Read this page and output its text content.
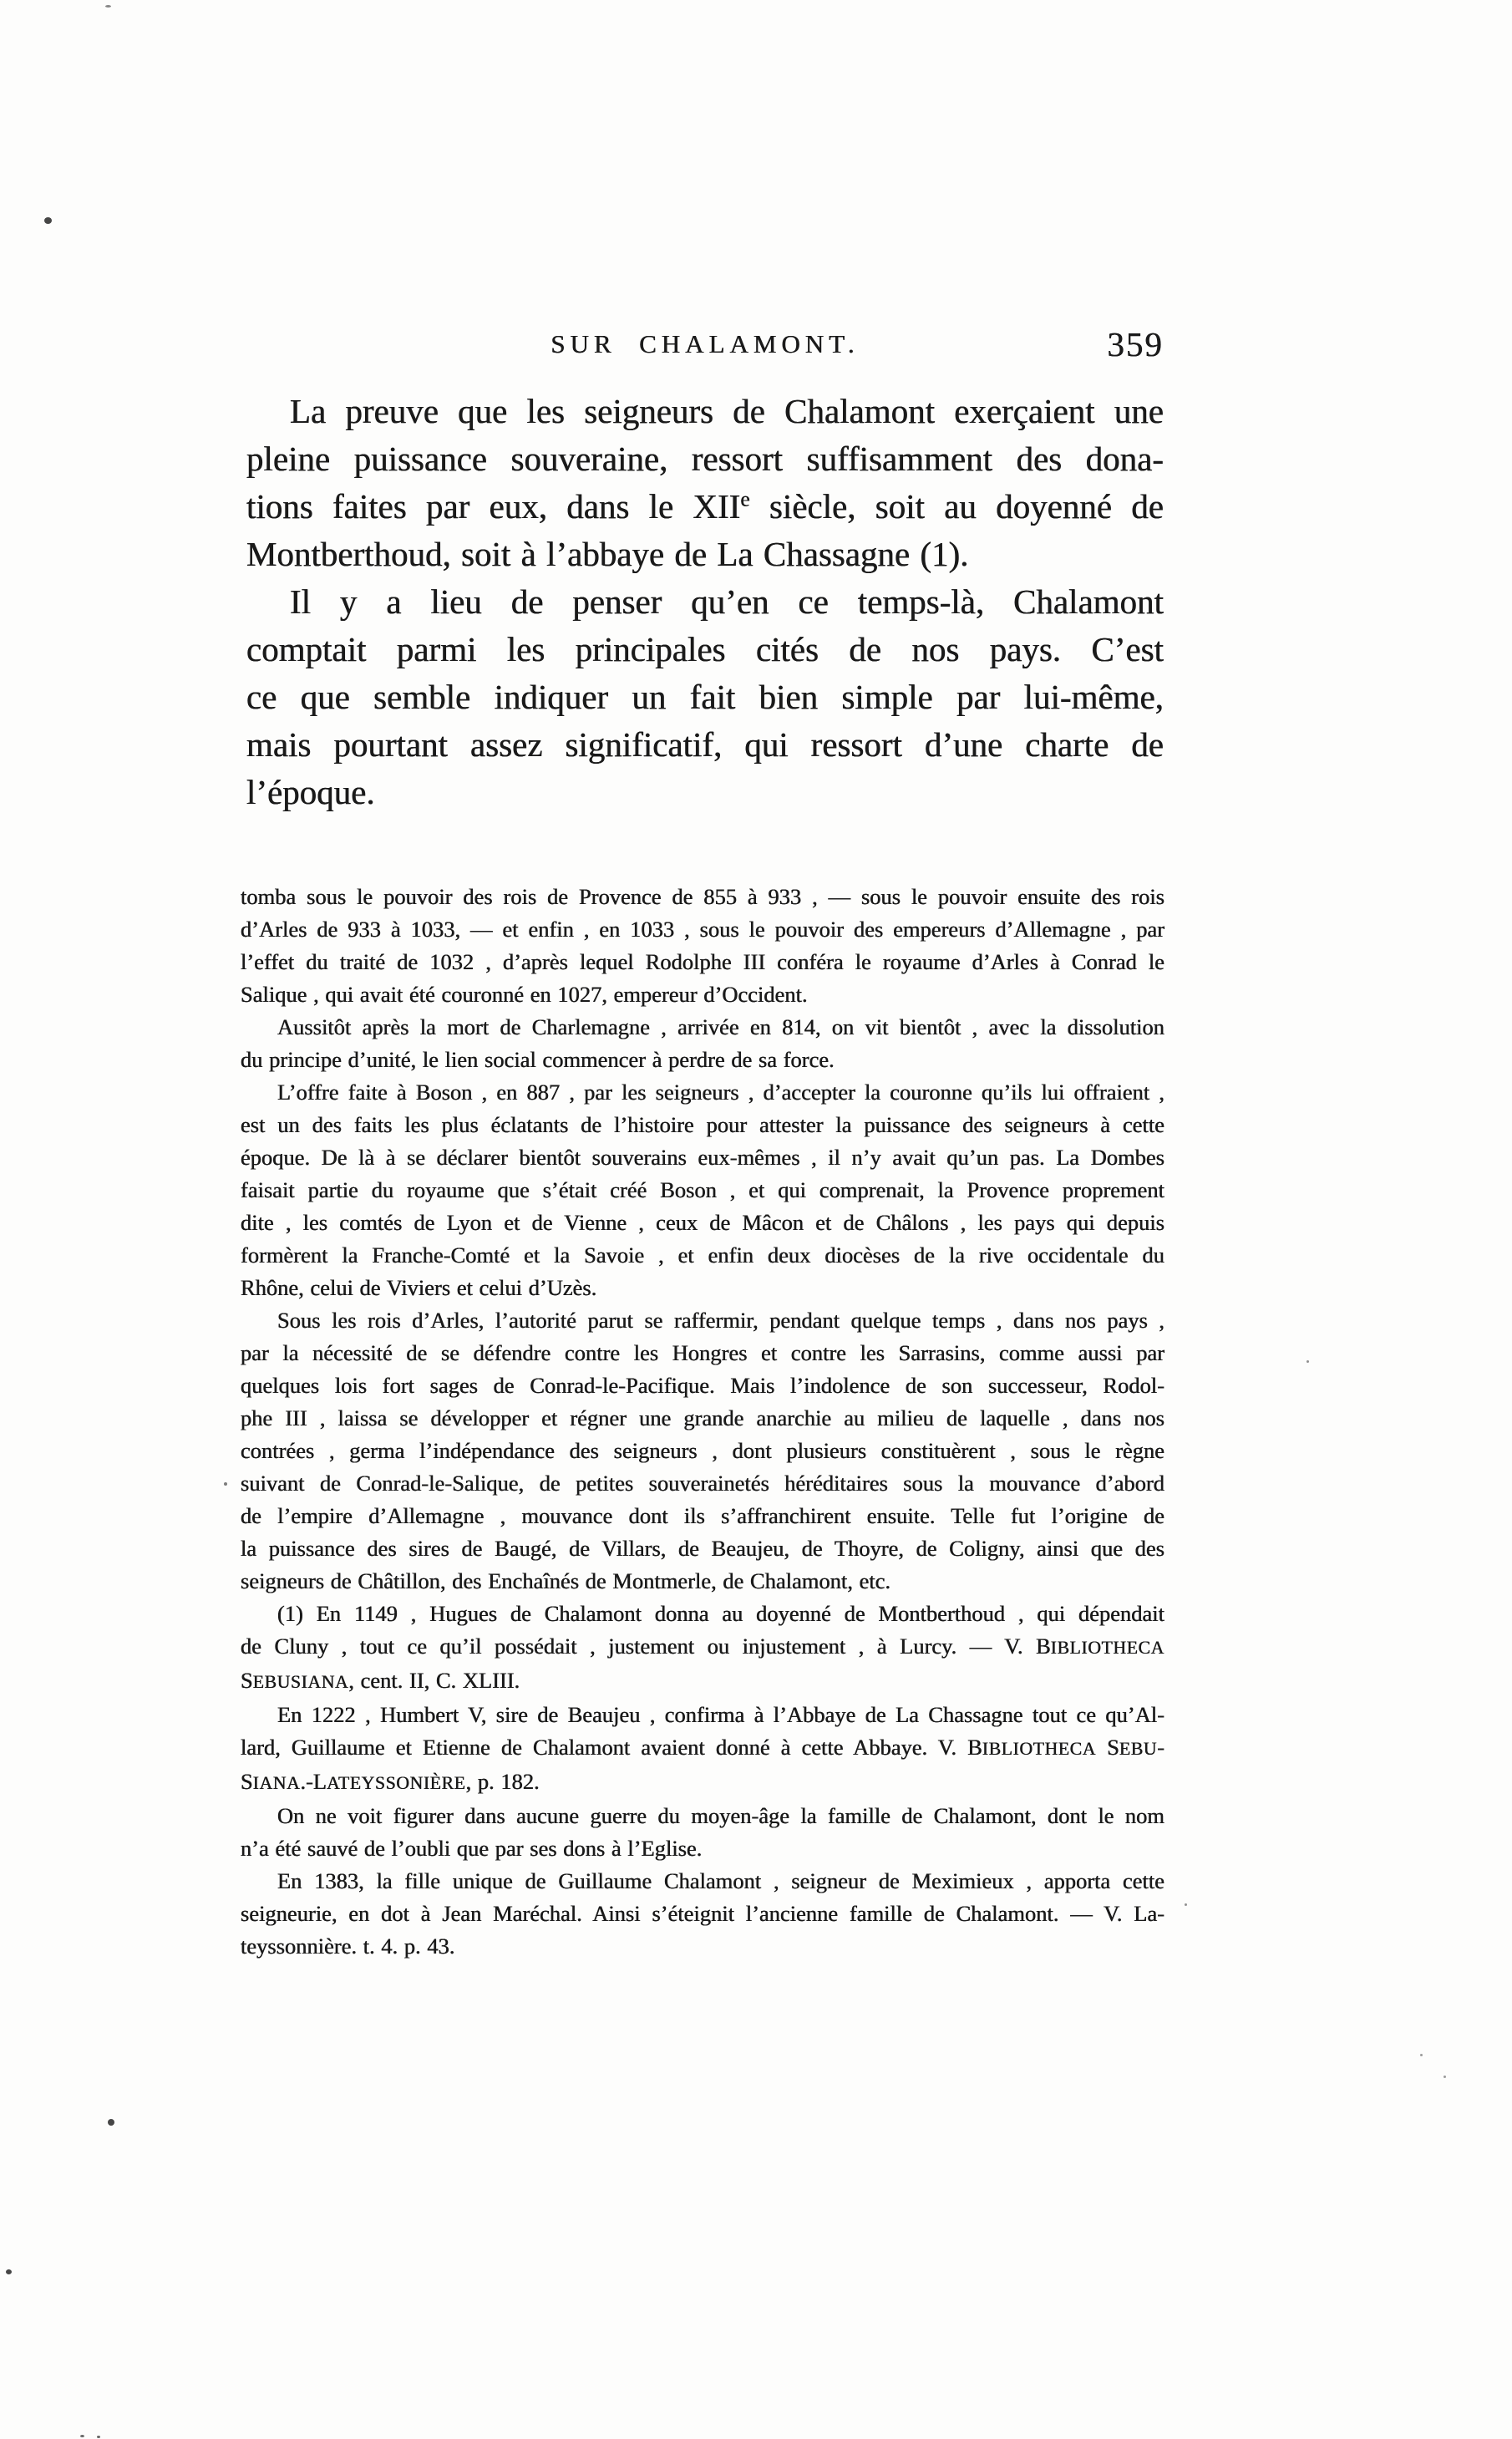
SUR  CHALAMONT.	359
La preuve que les seigneurs de Chalamont exerçaient une
pleine puissance souveraine, ressort suffisamment des dona-
tions faites par eux, dans le XIIe siècle, soit au doyenné de
Montberthoud, soit à l’abbaye de La Chassagne (1).
Il y a lieu de penser qu’en ce temps-là, Chalamont
comptait parmi les principales cités de nos pays. C’est
ce que semble indiquer un fait bien simple par lui-même,
mais pourtant assez significatif, qui ressort d’une charte de
l’époque.
tomba sous le pouvoir des rois de Provence de 855 à 933 , — sous le pouvoir ensuite des rois
d’Arles de 933 à 1033, — et enfin , en 1033 , sous le pouvoir des empereurs d’Allemagne , par
l’effet du traité de 1032 , d’après lequel Rodolphe III conféra le royaume d’Arles à Conrad le
Salique , qui avait été couronné en 1027, empereur d’Occident.
Aussitôt après la mort de Charlemagne , arrivée en 814, on vit bientôt , avec la dissolution
du principe d’unité, le lien social commencer à perdre de sa force.
L’offre faite à Boson , en 887 , par les seigneurs , d’accepter la couronne qu’ils lui offraient ,
est un des faits les plus éclatants de l’histoire pour attester la puissance des seigneurs à cette
époque. De là à se déclarer bientôt souverains eux-mêmes , il n’y avait qu’un pas. La Dombes
faisait partie du royaume que s’était créé Boson , et qui comprenait, la Provence proprement
dite , les comtés de Lyon et de Vienne , ceux de Mâcon et de Châlons , les pays qui depuis
formèrent la Franche-Comté et la Savoie , et enfin deux diocèses de la rive occidentale du
Rhône, celui de Viviers et celui d’Uzès.
Sous les rois d’Arles, l’autorité parut se raffermir, pendant quelque temps , dans nos pays ,
par la nécessité de se défendre contre les Hongres et contre les Sarrasins, comme aussi par
quelques lois fort sages de Conrad-le-Pacifique. Mais l’indolence de son successeur, Rodol-
phe III , laissa se développer et régner une grande anarchie au milieu de laquelle , dans nos
contrées , germa l’indépendance des seigneurs , dont plusieurs constituèrent , sous le règne
suivant de Conrad-le-Salique, de petites souverainetés héréditaires sous la mouvance d’abord
de l’empire d’Allemagne , mouvance dont ils s’affranchirent ensuite. Telle fut l’origine de
la puissance des sires de Baugé, de Villars, de Beaujeu, de Thoyre, de Coligny, ainsi que des
seigneurs de Châtillon, des Enchaînés de Montmerle, de Chalamont, etc.
(1) En 1149 , Hugues de Chalamont donna au doyenné de Montberthoud , qui dépendait
de Cluny , tout ce qu’il possédait , justement ou injustement , à Lurcy. — V. BIBLIOTHECA
SEBUSIANA, cent. II, C. XLIII.
En 1222 , Humbert V, sire de Beaujeu , confirma à l’Abbaye de La Chassagne tout ce qu’Al-
lard, Guillaume et Etienne de Chalamont avaient donné à cette Abbaye. V. BIBLIOTHECA SEBU-
SIANA.-LATEYSSONIÈRE, p. 182.
On ne voit figurer dans aucune guerre du moyen-âge la famille de Chalamont, dont le nom
n’a été sauvé de l’oubli que par ses dons à l’Eglise.
En 1383, la fille unique de Guillaume Chalamont , seigneur de Meximieux , apporta cette
seigneurie, en dot à Jean Maréchal. Ainsi s’éteignit l’ancienne famille de Chalamont. — V. La-
teyssonnière. t. 4. p. 43.
